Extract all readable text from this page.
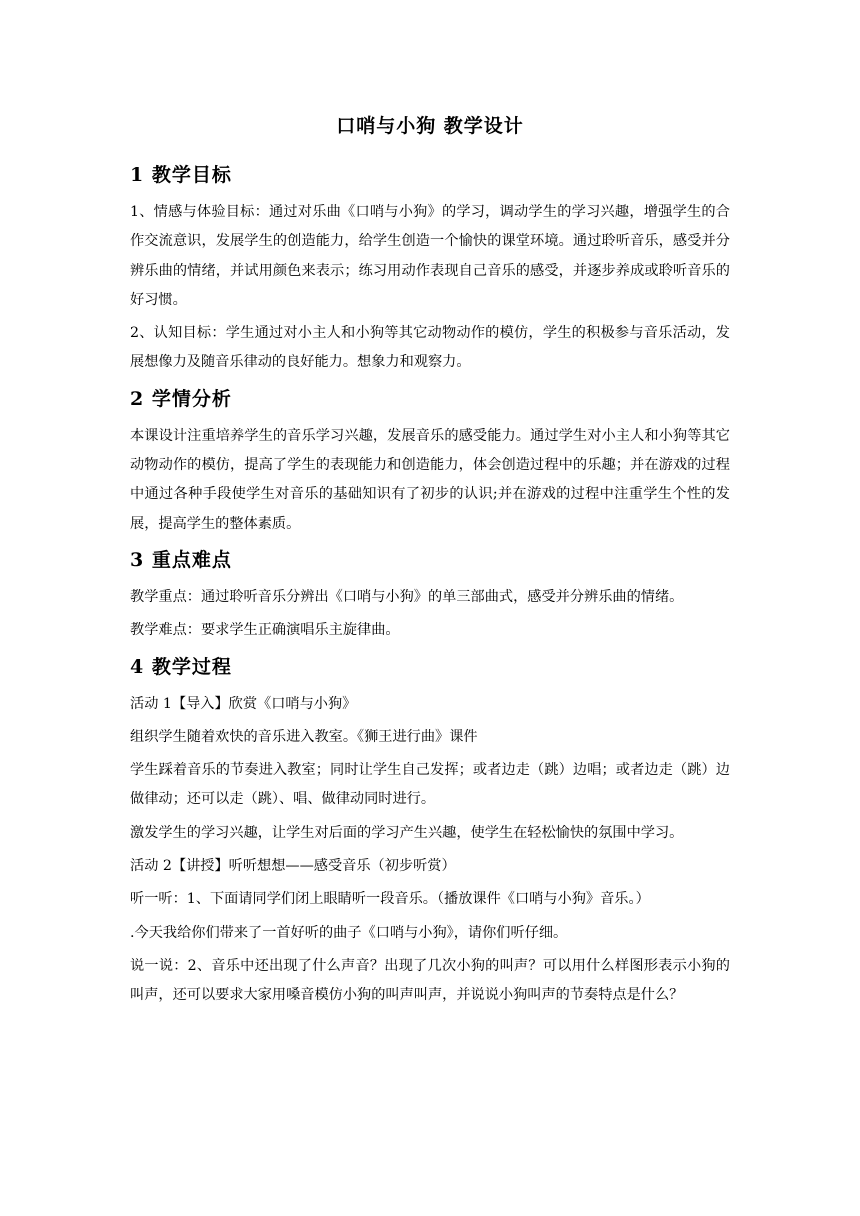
口哨与小狗 教学设计
1 教学目标

1、情感与体验目标：通过对乐曲《口哨与小狗》的学习，调动学生的学习兴趣，增强学生的合作交流意识，发展学生的创造能力，给学生创造一个愉快的课堂环境。通过聆听音乐，感受并分辨乐曲的情绪，并试用颜色来表示；练习用动作表现自己音乐的感受，并逐步养成或聆听音乐的好习惯。

2、认知目标：学生通过对小主人和小狗等其它动物动作的模仿，学生的积极参与音乐活动，发展想像力及随音乐律动的良好能力。想象力和观察力。

2 学情分析

本课设计注重培养学生的音乐学习兴趣，发展音乐的感受能力。通过学生对小主人和小狗等其它动物动作的模仿，提高了学生的表现能力和创造能力，体会创造过程中的乐趣；并在游戏的过程中通过各种手段使学生对音乐的基础知识有了初步的认识;并在游戏的过程中注重学生个性的发展，提高学生的整体素质。

3 重点难点

教学重点：通过聆听音乐分辨出《口哨与小狗》的单三部曲式，感受并分辨乐曲的情绪。

教学难点：要求学生正确演唱乐主旋律曲。

4 教学过程

活动 1【导入】欣赏《口哨与小狗》

组织学生随着欢快的音乐进入教室。《狮王进行曲》课件

学生踩着音乐的节奏进入教室；同时让学生自己发挥；或者边走（跳）边唱；或者边走（跳）边做律动；还可以走（跳）、唱、做律动同时进行。

激发学生的学习兴趣，让学生对后面的学习产生兴趣，使学生在轻松愉快的氛围中学习。

活动 2【讲授】听听想想——感受音乐（初步听赏）

听一听：1、下面请同学们闭上眼睛听一段音乐。（播放课件《口哨与小狗》音乐。）

.今天我给你们带来了一首好听的曲子《口哨与小狗》，请你们听仔细。

说一说：2、音乐中还出现了什么声音？出现了几次小狗的叫声？可以用什么样图形表示小狗的叫声，还可以要求大家用嗓音模仿小狗的叫声叫声，并说说小狗叫声的节奏特点是什么？
